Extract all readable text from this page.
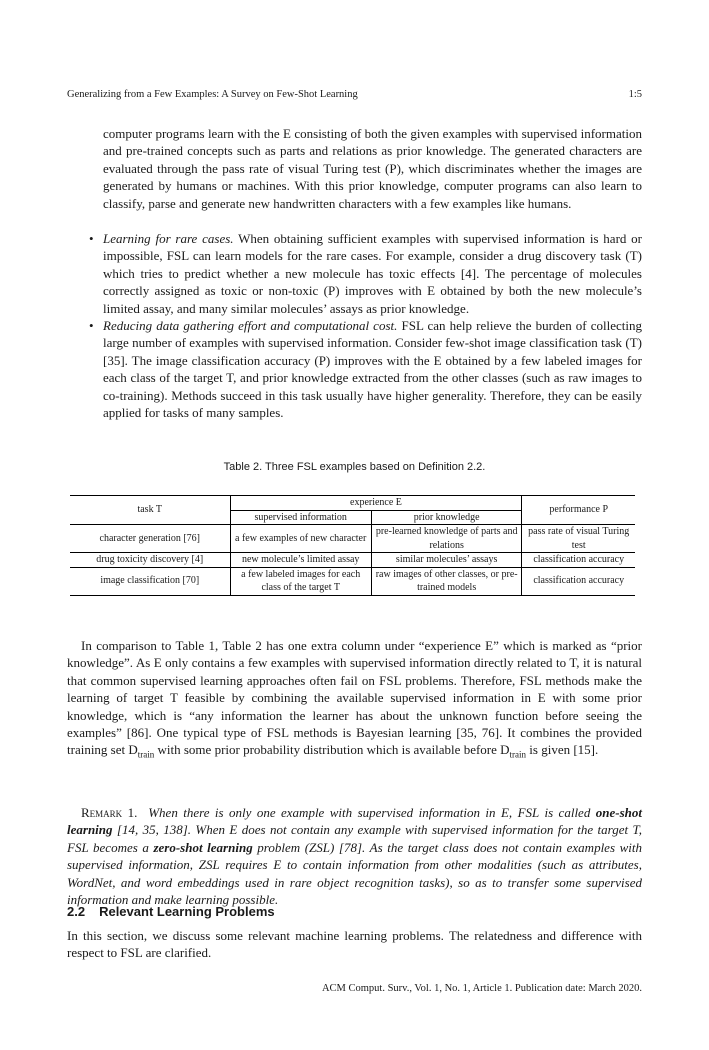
Generalizing from a Few Examples: A Survey on Few-Shot Learning	1:5

computer programs learn with the E consisting of both the given examples with supervised information and pre-trained concepts such as parts and relations as prior knowledge. The generated characters are evaluated through the pass rate of visual Turing test (P), which discriminates whether the images are generated by humans or machines. With this prior knowledge, computer programs can also learn to classify, parse and generate new handwritten characters with a few examples like humans.

• Learning for rare cases. When obtaining sufficient examples with supervised information is hard or impossible, FSL can learn models for the rare cases. For example, consider a drug discovery task (T) which tries to predict whether a new molecule has toxic effects [4]. The percentage of molecules correctly assigned as toxic or non-toxic (P) improves with E obtained by both the new molecule’s limited assay, and many similar molecules’ assays as prior knowledge.

• Reducing data gathering effort and computational cost. FSL can help relieve the burden of collecting large number of examples with supervised information. Consider few-shot image classification task (T) [35]. The image classification accuracy (P) improves with the E obtained by a few labeled images for each class of the target T, and prior knowledge extracted from the other classes (such as raw images to co-training). Methods succeed in this task usually have higher generality. Therefore, they can be easily applied for tasks of many samples.

Table 2. Three FSL examples based on Definition 2.2.
task T	experience E		performance P
	supervised information	prior knowledge	
character generation [76]	a few examples of new character	pre-learned knowledge of parts and relations	pass rate of visual Turing test
drug toxicity discovery [4]	new molecule’s limited assay	similar molecules’ assays	classification accuracy
image classification [70]	a few labeled images for each class of the target T	raw images of other classes, or pre-trained models	classification accuracy

In comparison to Table 1, Table 2 has one extra column under “experience E” which is marked as “prior knowledge”. As E only contains a few examples with supervised information directly related to T, it is natural that common supervised learning approaches often fail on FSL problems. Therefore, FSL methods make the learning of target T feasible by combining the available supervised information in E with some prior knowledge, which is “any information the learner has about the unknown function before seeing the examples” [86]. One typical type of FSL methods is Bayesian learning [35, 76]. It combines the provided training set $D_{train}$ with some prior probability distribution which is available before $D_{train}$ is given [15].

Remark 1. When there is only one example with supervised information in E, FSL is called one-shot learning [14, 35, 138]. When E does not contain any example with supervised information for the target T, FSL becomes a zero-shot learning problem (ZSL) [78]. As the target class does not contain examples with supervised information, ZSL requires E to contain information from other modalities (such as attributes, WordNet, and word embeddings used in rare object recognition tasks), so as to transfer some supervised information and make learning possible.

2.2 Relevant Learning Problems

In this section, we discuss some relevant machine learning problems. The relatedness and difference with respect to FSL are clarified.

ACM Comput. Surv., Vol. 1, No. 1, Article 1. Publication date: March 2020.
